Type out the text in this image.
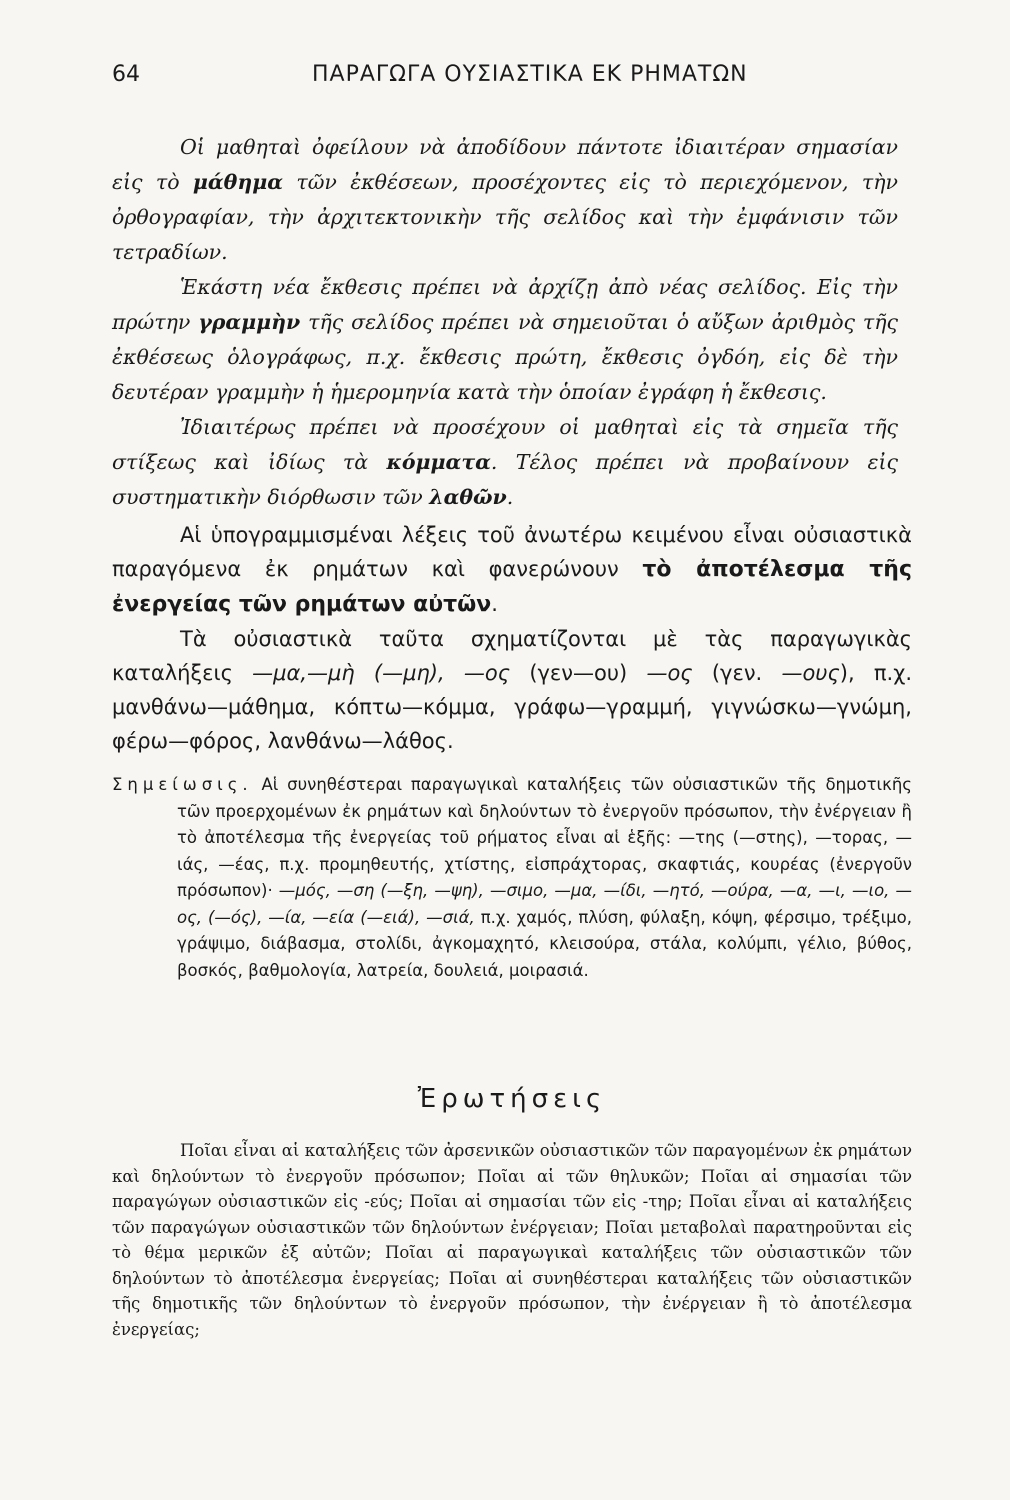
64	ΠΑΡΑΓΩΓΑ ΟΥΣΙΑΣΤΙΚΑ ΕΚ ΡΗΜΑΤΩΝ

Οἱ μαθηταὶ ὀφείλουν νὰ ἀποδίδουν πάντοτε ἰδιαιτέραν σημασίαν εἰς τὸ μάθημα τῶν ἐκθέσεων, προσέχοντες εἰς τὸ περιεχόμενον, τὴν ὀρθογραφίαν, τὴν ἀρχιτεκτονικὴν τῆς σελίδος καὶ τὴν ἐμφάνισιν τῶν τετραδίων.

Ἑκάστη νέα ἔκθεσις πρέπει νὰ ἀρχίζῃ ἀπὸ νέας σελίδος. Εἰς τὴν πρώτην γραμμὴν τῆς σελίδος πρέπει νὰ σημειοῦται ὁ αὔξων ἀριθμὸς τῆς ἐκθέσεως ὁλογράφως, π.χ. ἔκθεσις πρώτη, ἔκθεσις ὀγδόη, εἰς δὲ τὴν δευτέραν γραμμὴν ἡ ἡμερομηνία κατὰ τὴν ὁποίαν ἐγράφη ἡ ἔκθεσις.

Ἰδιαιτέρως πρέπει νὰ προσέχουν οἱ μαθηταὶ εἰς τὰ σημεῖα τῆς στίξεως καὶ ἰδίως τὰ κόμματα. Τέλος πρέπει νὰ προβαίνουν εἰς συστηματικὴν διόρθωσιν τῶν λαθῶν.

Αἱ ὑπογραμμισμέναι λέξεις τοῦ ἀνωτέρω κειμένου εἶναι οὐσιαστικὰ παραγόμενα ἐκ ρημάτων καὶ φανερώνουν τὸ ἀποτέλεσμα τῆς ἐνεργείας τῶν ρημάτων αὐτῶν.

Τὰ οὐσιαστικὰ ταῦτα σχηματίζονται μὲ τὰς παραγωγικὰς καταλήξεις —μα,—μὴ (—μη), —ος (γεν—ου) —ος (γεν. —ους), π.χ. μανθάνω—μάθημα, κόπτω—κόμμα, γράφω—γραμμή, γιγνώσκω—γνώμη, φέρω—φόρος, λανθάνω—λάθος.

Σημείωσις. Αἱ συνηθέστεραι παραγωγικαὶ καταλήξεις τῶν οὐσιαστικῶν τῆς δημοτικῆς τῶν προερχομένων ἐκ ρημάτων καὶ δηλούντων τὸ ἐνεργοῦν πρόσωπον, τὴν ἐνέργειαν ἢ τὸ ἀποτέλεσμα τῆς ἐνεργείας τοῦ ρήματος εἶναι αἱ ἑξῆς: —της (—στης), —τορας, —ιάς, —έας, π.χ. προμηθευτής, χτίστης, εἰσπράχτορας, σκαφτιάς, κουρέας (ἐνεργοῦν πρόσωπον)· —μός, —ση (—ξη, —ψη), —σιμο, —μα, —ίδι, —ητό, —ούρα, —α, —ι, —ιο, —ος, (—ός), —ία, —εία (—ειά), —σιά, π.χ. χαμός, πλύση, φύλαξη, κόψη, φέρσιμο, τρέξιμο, γράψιμο, διάβασμα, στολίδι, ἀγκομαχητό, κλεισούρα, στάλα, κολύμπι, γέλιο, βύθος, βοσκός, βαθμολογία, λατρεία, δουλειά, μοιρασιά.

Ἐρωτήσεις

Ποῖαι εἶναι αἱ καταλήξεις τῶν ἀρσενικῶν οὐσιαστικῶν τῶν παραγομένων ἐκ ρημάτων καὶ δηλούντων τὸ ἐνεργοῦν πρόσωπον; Ποῖαι αἱ τῶν θηλυκῶν; Ποῖαι αἱ σημασίαι τῶν παραγώγων οὐσιαστικῶν εἰς -εύς; Ποῖαι αἱ σημασίαι τῶν εἰς -τηρ; Ποῖαι εἶναι αἱ καταλήξεις τῶν παραγώγων οὐσιαστικῶν τῶν δηλούντων ἐνέργειαν; Ποῖαι μεταβολαὶ παρατηροῦνται εἰς τὸ θέμα μερικῶν ἐξ αὐτῶν; Ποῖαι αἱ παραγωγικαὶ καταλήξεις τῶν οὐσιαστικῶν τῶν δηλούντων τὸ ἀποτέλεσμα ἐνεργείας; Ποῖαι αἱ συνηθέστεραι καταλήξεις τῶν οὐσιαστικῶν τῆς δημοτικῆς τῶν δηλούντων τὸ ἐνεργοῦν πρόσωπον, τὴν ἐνέργειαν ἢ τὸ ἀποτέλεσμα ἐνεργείας;
